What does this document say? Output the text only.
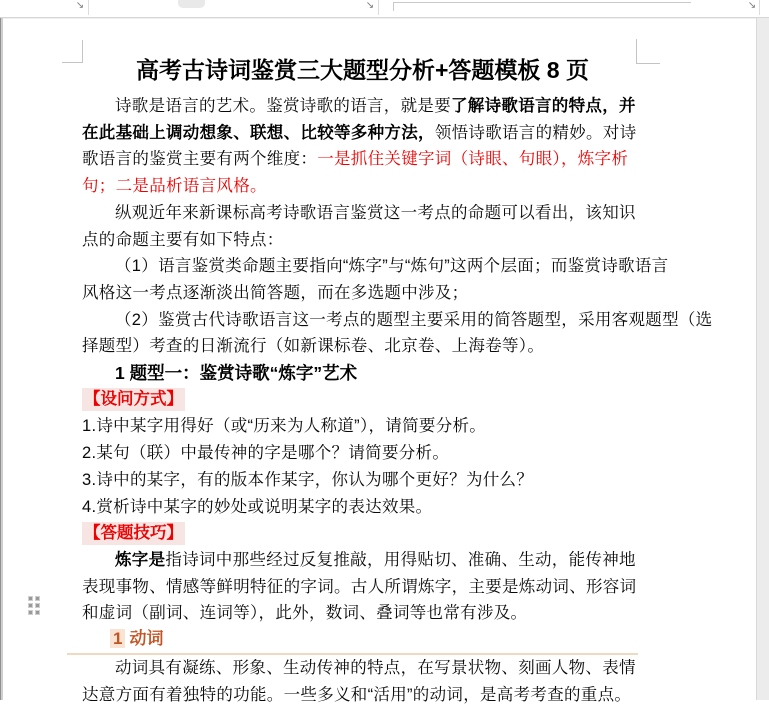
↘	↘	↘
高考古诗词鉴赏三大题型分析+答题模板 8 页
诗歌是语言的艺术。鉴赏诗歌的语言，就是要了解诗歌语言的特点，并
在此基础上调动想象、联想、比较等多种方法，领悟诗歌语言的精妙。对诗
歌语言的鉴赏主要有两个维度：一是抓住关键字词（诗眼、句眼），炼字析
句；二是品析语言风格。
纵观近年来新课标高考诗歌语言鉴赏这一考点的命题可以看出，该知识
点的命题主要有如下特点：
（1）语言鉴赏类命题主要指向“炼字”与“炼句”这两个层面；而鉴赏诗歌语言
风格这一考点逐渐淡出简答题，而在多选题中涉及；
（2）鉴赏古代诗歌语言这一考点的题型主要采用的简答题型，采用客观题型（选
择题型）考查的日渐流行（如新课标卷、北京卷、上海卷等）。
1 题型一：鉴赏诗歌“炼字”艺术
【设问方式】
1.诗中某字用得好（或“历来为人称道”），请简要分析。
2.某句（联）中最传神的字是哪个？请简要分析。
3.诗中的某字，有的版本作某字，你认为哪个更好？为什么？
4.赏析诗中某字的妙处或说明某字的表达效果。
【答题技巧】
炼字是指诗词中那些经过反复推敲，用得贴切、准确、生动，能传神地
表现事物、情感等鲜明特征的字词。古人所谓炼字，主要是炼动词、形容词
和虚词（副词、连词等），此外，数词、叠词等也常有涉及。
1 动词
动词具有凝练、形象、生动传神的特点，在写景状物、刻画人物、表情
达意方面有着独特的功能。一些多义和“活用”的动词，是高考考查的重点。
